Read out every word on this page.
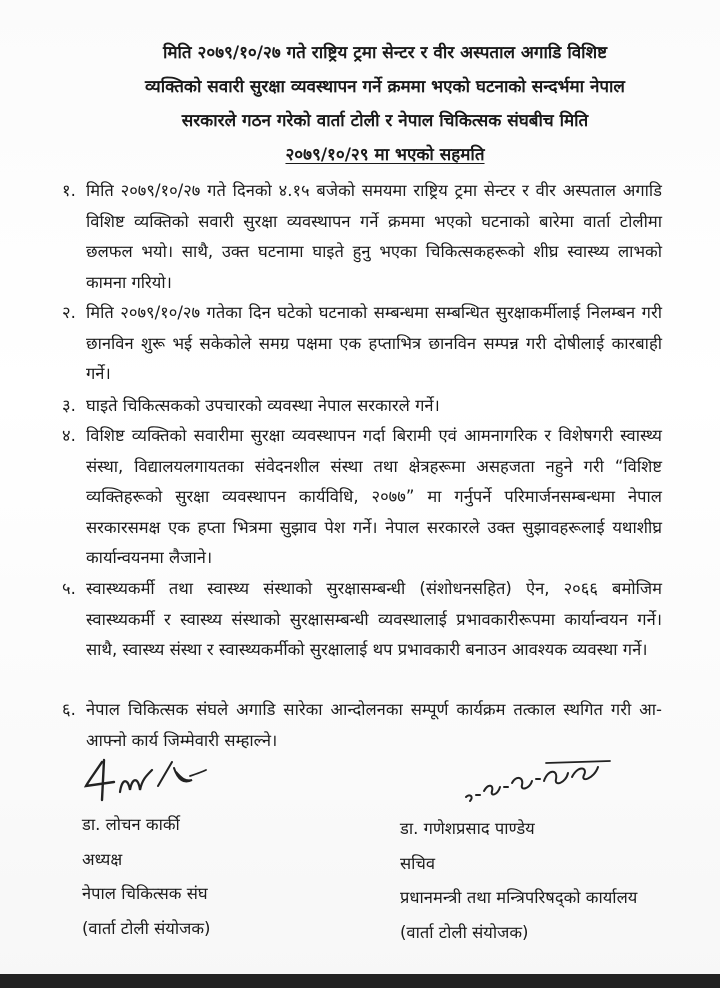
मिति २०७९/१०/२७ गते राष्ट्रिय ट्रमा सेन्टर र वीर अस्पताल अगाडि विशिष्ट
व्यक्तिको सवारी सुरक्षा व्यवस्थापन गर्ने क्रममा भएको घटनाको सन्दर्भमा नेपाल
सरकारले गठन गरेको वार्ता टोली र नेपाल चिकित्सक संघबीच मिति
२०७९/१०/२९ मा भएको सहमति
१. मिति २०७९/१०/२७ गते दिनको ४.१५ बजेको समयमा राष्ट्रिय ट्रमा सेन्टर र वीर अस्पताल अगाडि विशिष्ट व्यक्तिको सवारी सुरक्षा व्यवस्थापन गर्ने क्रममा भएको घटनाको बारेमा वार्ता टोलीमा छलफल भयो। साथै, उक्त घटनामा घाइते हुनु भएका चिकित्सकहरूको शीघ्र स्वास्थ्य लाभको कामना गरियो।
२. मिति २०७९/१०/२७ गतेका दिन घटेको घटनाको सम्बन्धमा सम्बन्धित सुरक्षाकर्मीलाई निलम्बन गरी छानविन शुरू भई सकेकोले समग्र पक्षमा एक हप्ताभित्र छानविन सम्पन्न गरी दोषीलाई कारबाही गर्ने।
३. घाइते चिकित्सकको उपचारको व्यवस्था नेपाल सरकारले गर्ने।
४. विशिष्ट व्यक्तिको सवारीमा सुरक्षा व्यवस्थापन गर्दा बिरामी एवं आमनागरिक र विशेषगरी स्वास्थ्य संस्था, विद्यालयलगायतका संवेदनशील संस्था तथा क्षेत्रहरूमा असहजता नहुने गरी “विशिष्ट व्यक्तिहरूको सुरक्षा व्यवस्थापन कार्यविधि, २०७७” मा गर्नुपर्ने परिमार्जनसम्बन्धमा नेपाल सरकारसमक्ष एक हप्ता भित्रमा सुझाव पेश गर्ने। नेपाल सरकारले उक्त सुझावहरूलाई यथाशीघ्र कार्यान्वयनमा लैजाने।
५. स्वास्थ्यकर्मी तथा स्वास्थ्य संस्थाको सुरक्षासम्बन्धी (संशोधनसहित) ऐन, २०६६ बमोजिम स्वास्थ्यकर्मी र स्वास्थ्य संस्थाको सुरक्षासम्बन्धी व्यवस्थालाई प्रभावकारीरूपमा कार्यान्वयन गर्ने। साथै, स्वास्थ्य संस्था र स्वास्थ्यकर्मीको सुरक्षालाई थप प्रभावकारी बनाउन आवश्यक व्यवस्था गर्ने।
६. नेपाल चिकित्सक संघले अगाडि सारेका आन्दोलनका सम्पूर्ण कार्यक्रम तत्काल स्थगित गरी आ-आफ्नो कार्य जिम्मेवारी सम्हाल्ने।
डा. लोचन कार्की
अध्यक्ष
नेपाल चिकित्सक संघ
(वार्ता टोली संयोजक)
डा. गणेशप्रसाद पाण्डेय
सचिव
प्रधानमन्त्री तथा मन्त्रिपरिषद्को कार्यालय
(वार्ता टोली संयोजक)
